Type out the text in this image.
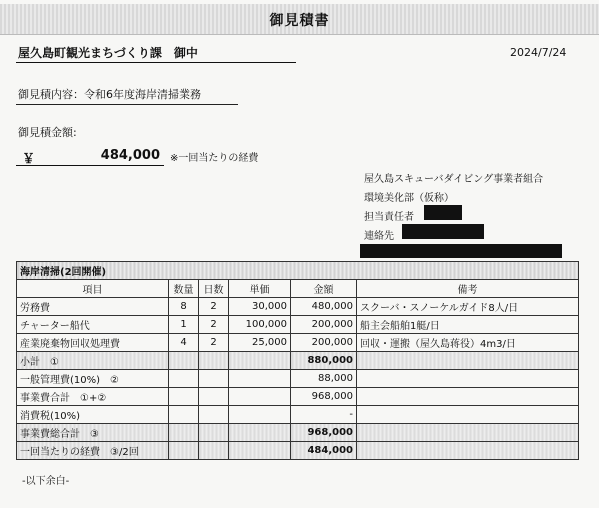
御見積書
屋久島町観光まちづくり課　御中	2024/7/24
御見積内容：令和6年度海岸清掃業務
御見積金額:
￥	484,000 ※一回当たりの経費
屋久島スキューバダイビング事業者組合
環境美化部（仮称）
担当責任者
連絡先
海岸清掃(2回開催)					
項目	数量	日数	単価	金額	備考
労務費	8	2	30,000	480,000	スクーバ・スノーケルガイド8人/日
チャーター船代	1	2	100,000	200,000	船主会船舶1艇/日
産業廃棄物回収処理費	4	2	25,000	200,000	回収・運搬（屋久島蒋役）4m3/日
小計　①				880,000	
一般管理費(10%)　②				88,000	
事業費合計　①+②				968,000	
消費税(10%)				-	
事業費総合計　③				968,000	
一回当たりの経費　③/2回				484,000	
-以下余白-
